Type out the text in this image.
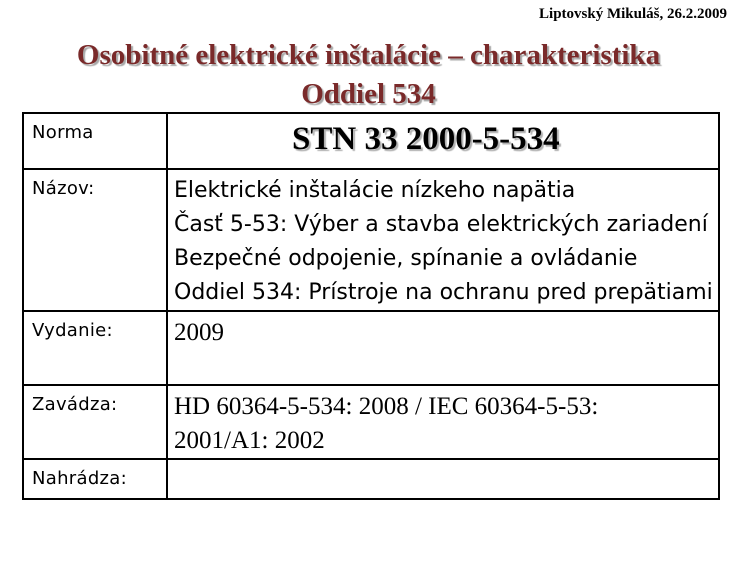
Liptovský Mikuláš, 26.2.2009
Osobitné elektrické inštalácie – charakteristika
Oddiel 534
Norma	STN 33 2000-5-534
Názov:	Elektrické inštalácie nízkeho napätia
Časť 5-53: Výber a stavba elektrických zariadení
Bezpečné odpojenie, spínanie a ovládanie
Oddiel 534: Prístroje na ochranu pred prepätiami

Vydanie:	2009
Zavádza:	HD 60364-5-534: 2008 / IEC 60364-5-53:
2001/A1: 2002

Nahrádza:	
